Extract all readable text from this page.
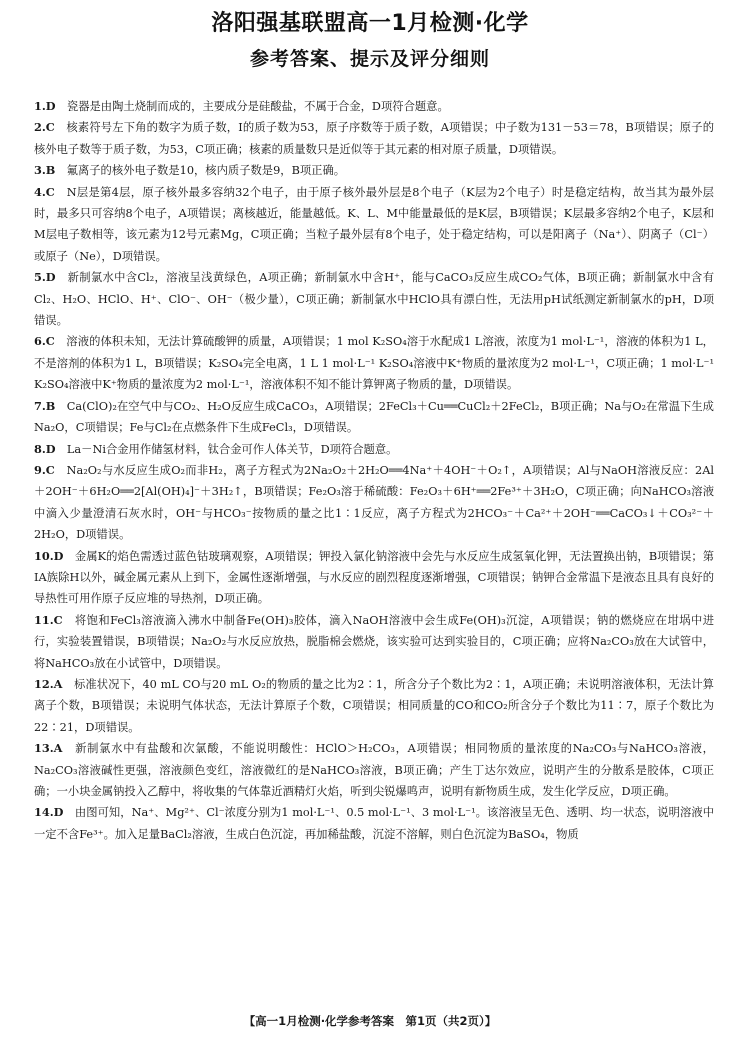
洛阳强基联盟高一1月检测·化学
参考答案、提示及评分细则

1.D　 瓷器是由陶土烧制而成的，主要成分是硅酸盐，不属于合金，D项符合题意。

2.C　 核素符号左下角的数字为质子数，I的质子数为53，原子序数等于质子数，A项错误；中子数为131－53＝78，B项错误；原子的核外电子数等于质子数，为53，C项正确；核素的质量数只是近似等于其元素的相对原子质量，D项错误。

3.B　 氟离子的核外电子数是10，核内质子数是9，B项正确。

4.C　 N层是第4层，原子核外最多容纳32个电子，由于原子核外最外层是8个电子（K层为2个电子）时是稳定结构，故当其为最外层时，最多只可容纳8个电子，A项错误；离核越近，能量越低。K、L、M中能量最低的是K层，B项错误；K层最多容纳2个电子，K层和M层电子数相等，该元素为12号元素Mg，C项正确；当粒子最外层有8个电子，处于稳定结构，可以是阳离子（Na⁺）、阴离子（Cl⁻）或原子（Ne），D项错误。

5.D　 新制氯水中含Cl₂，溶液呈浅黄绿色，A项正确；新制氯水中含H⁺，能与CaCO₃反应生成CO₂气体，B项正确；新制氯水中含有Cl₂、H₂O、HClO、H⁺、ClO⁻、OH⁻（极少量），C项正确；新制氯水中HClO具有漂白性，无法用pH试纸测定新制氯水的pH，D项错误。

6.C　 溶液的体积未知，无法计算硫酸钾的质量，A项错误；1 mol K₂SO₄溶于水配成1 L溶液，浓度为1 mol·L⁻¹，溶液的体积为1 L，不是溶剂的体积为1 L，B项错误；K₂SO₄完全电离，1 L 1 mol·L⁻¹ K₂SO₄溶液中K⁺物质的量浓度为2 mol·L⁻¹，C项正确；1 mol·L⁻¹ K₂SO₄溶液中K⁺物质的量浓度为2 mol·L⁻¹，溶液体积不知不能计算钾离子物质的量，D项错误。

7.B　 Ca(ClO)₂在空气中与CO₂、H₂O反应生成CaCO₃，A项错误；2FeCl₃＋Cu══CuCl₂＋2FeCl₂，B项正确；Na与O₂在常温下生成Na₂O，C项错误；Fe与Cl₂在点燃条件下生成FeCl₃，D项错误。

8.D　 La－Ni合金用作储氢材料，钛合金可作人体关节，D项符合题意。

9.C　 Na₂O₂与水反应生成O₂而非H₂，离子方程式为2Na₂O₂＋2H₂O══4Na⁺＋4OH⁻＋O₂↑，A项错误；Al与NaOH溶液反应：2Al＋2OH⁻＋6H₂O══2[Al(OH)₄]⁻＋3H₂↑，B项错误；Fe₂O₃溶于稀硫酸：Fe₂O₃＋6H⁺══2Fe³⁺＋3H₂O，C项正确；向NaHCO₃溶液中滴入少量澄清石灰水时，OH⁻与HCO₃⁻按物质的量之比1∶1反应，离子方程式为2HCO₃⁻＋Ca²⁺＋2OH⁻══CaCO₃↓＋CO₃²⁻＋2H₂O，D项错误。

10.D　 金属K的焰色需透过蓝色钴玻璃观察，A项错误；钾投入氯化钠溶液中会先与水反应生成氢氧化钾，无法置换出钠，B项错误；第ⅠA族除H以外，碱金属元素从上到下，金属性逐渐增强，与水反应的剧烈程度逐渐增强，C项错误；钠钾合金常温下是液态且具有良好的导热性可用作原子反应堆的导热剂，D项正确。

11.C　 将饱和FeCl₃溶液滴入沸水中制备Fe(OH)₃胶体，滴入NaOH溶液中会生成Fe(OH)₃沉淀，A项错误；钠的燃烧应在坩埚中进行，实验装置错误，B项错误；Na₂O₂与水反应放热，脱脂棉会燃烧，该实验可达到实验目的，C项正确；应将Na₂CO₃放在大试管中，将NaHCO₃放在小试管中，D项错误。

12.A　 标准状况下，40 mL CO与20 mL O₂的物质的量之比为2∶1，所含分子个数比为2∶1，A项正确；未说明溶液体积，无法计算离子个数，B项错误；未说明气体状态，无法计算原子个数，C项错误；相同质量的CO和CO₂所含分子个数比为11∶7，原子个数比为22∶21，D项错误。

13.A　 新制氯水中有盐酸和次氯酸，不能说明酸性：HClO＞H₂CO₃，A项错误；相同物质的量浓度的Na₂CO₃与NaHCO₃溶液，Na₂CO₃溶液碱性更强，溶液颜色变红，溶液微红的是NaHCO₃溶液，B项正确；产生丁达尔效应，说明产生的分散系是胶体，C项正确；一小块金属钠投入乙醇中，将收集的气体靠近酒精灯火焰，听到尖锐爆鸣声，说明有新物质生成，发生化学反应，D项正确。

14.D　 由图可知，Na⁺、Mg²⁺、Cl⁻浓度分别为1 mol·L⁻¹、0.5 mol·L⁻¹、3 mol·L⁻¹。该溶液呈无色、透明、均一状态，说明溶液中一定不含Fe³⁺。加入足量BaCl₂溶液，生成白色沉淀，再加稀盐酸，沉淀不溶解，则白色沉淀为BaSO₄，物质

【高一1月检测·化学参考答案　第1页（共2页）】
